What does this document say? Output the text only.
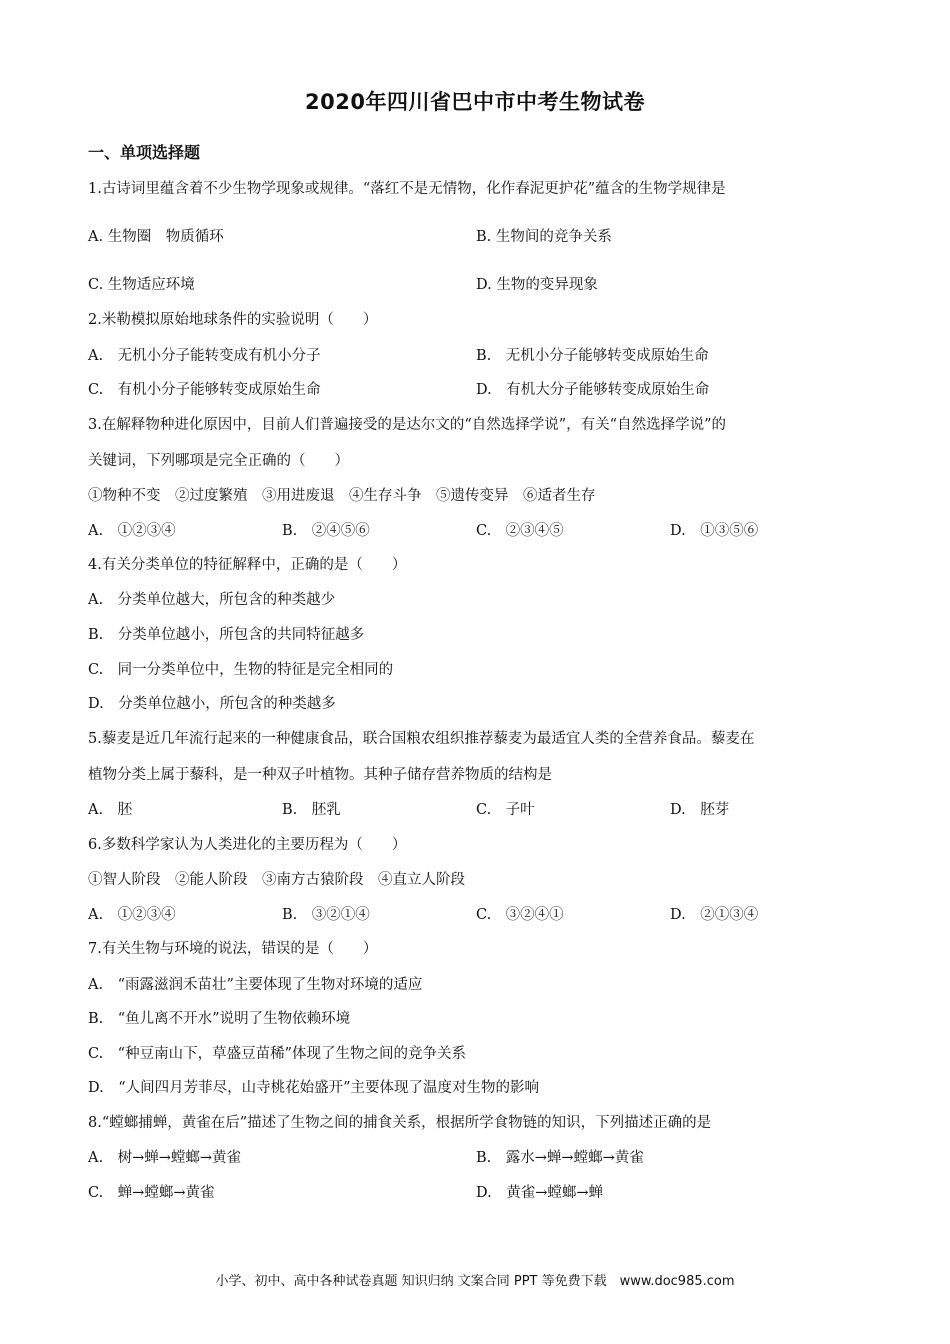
2020年四川省巴中市中考生物试卷
一、单项选择题
1.古诗词里蕴含着不少生物学现象或规律。“落红不是无情物，化作春泥更护花”蕴含的生物学规律是
A. 生物圈　物质循环	B. 生物间的竞争关系
C. 生物适应环境	D. 生物的变异现象
2.米勒模拟原始地球条件的实验说明（　　）
A.　无机小分子能转变成有机小分子	B.　无机小分子能够转变成原始生命
C.　有机小分子能够转变成原始生命	D.　有机大分子能够转变成原始生命
3.在解释物种进化原因中，目前人们普遍接受的是达尔文的“自然选择学说”，有关“自然选择学说”的
关键词，下列哪项是完全正确的（　　）
①物种不变　②过度繁殖　③用进废退　④生存斗争　⑤遗传变异　⑥适者生存
A.　①②③④	B.　②④⑤⑥	C.　②③④⑤	D.　①③⑤⑥
4.有关分类单位的特征解释中，正确的是（　　）
A.　分类单位越大，所包含的种类越少
B.　分类单位越小，所包含的共同特征越多
C.　同一分类单位中，生物的特征是完全相同的
D.　分类单位越小，所包含的种类越多
5.藜麦是近几年流行起来的一种健康食品，联合国粮农组织推荐藜麦为最适宜人类的全营养食品。藜麦在
植物分类上属于藜科，是一种双子叶植物。其种子储存营养物质的结构是
A.　胚	B.　胚乳	C.　子叶	D.　胚芽
6.多数科学家认为人类进化的主要历程为（　　）
①智人阶段　②能人阶段　③南方古猿阶段　④直立人阶段
A.　①②③④	B.　③②①④	C.　③②④①	D.　②①③④
7.有关生物与环境的说法，错误的是（　　）
A.　“雨露滋润禾苗壮”主要体现了生物对环境的适应
B.　“鱼儿离不开水”说明了生物依赖环境
C.　“种豆南山下，草盛豆苗稀”体现了生物之间的竞争关系
D.　“人间四月芳菲尽，山寺桃花始盛开”主要体现了温度对生物的影响
8.“螳螂捕蝉，黄雀在后”描述了生物之间的捕食关系，根据所学食物链的知识，下列描述正确的是
A.　树→蝉→螳螂→黄雀	B.　露水→蝉→螳螂→黄雀
C.　蝉→螳螂→黄雀	D.　黄雀→螳螂→蝉
小学、初中、高中各种试卷真题 知识归纳 文案合同 PPT 等免费下载　www.doc985.com
